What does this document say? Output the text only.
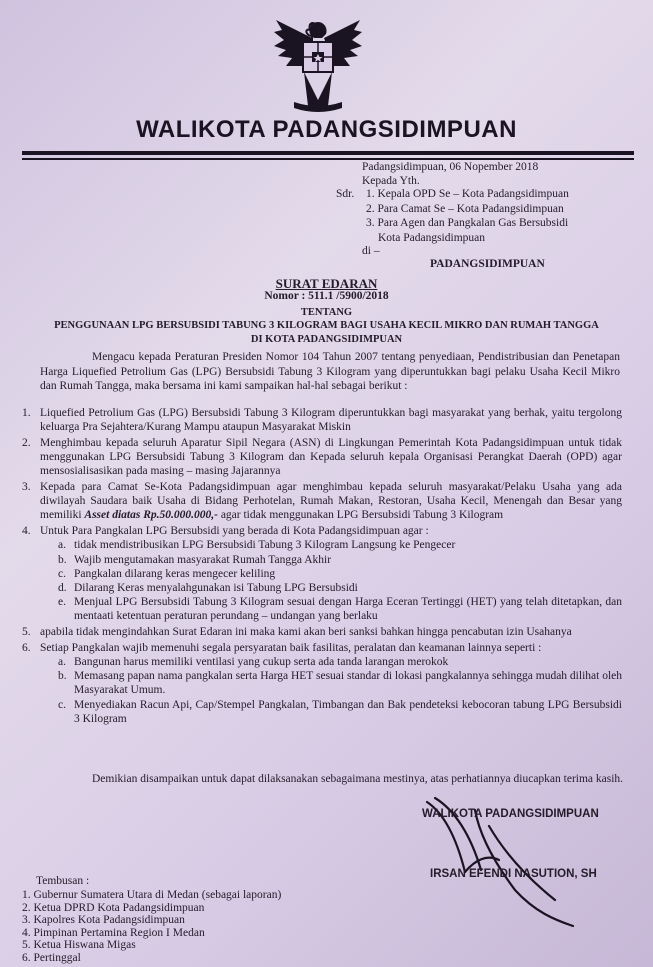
WALIKOTA PADANGSIDIMPUAN
Padangsidimpuan, 06 Nopember 2018
Kepada Yth.
Sdr. 1. Kepala OPD Se – Kota Padangsidimpuan
2. Para Camat Se – Kota Padangsidimpuan
3. Para Agen dan Pangkalan Gas Bersubsidi
Kota Padangsidimpuan
di –
PADANGSIDIMPUAN
SURAT EDARAN
Nomor : 511.1 /5900/2018
TENTANG
PENGGUNAAN LPG BERSUBSIDI TABUNG 3 KILOGRAM BAGI USAHA KECIL MIKRO DAN RUMAH TANGGA
DI KOTA PADANGSIDIMPUAN

Mengacu kepada Peraturan Presiden Nomor 104 Tahun 2007 tentang penyediaan, Pendistribusian dan Penetapan Harga Liquefied Petrolium Gas (LPG) Bersubsidi Tabung 3 Kilogram yang diperuntukkan bagi pelaku Usaha Kecil Mikro dan Rumah Tangga, maka bersama ini kami sampaikan hal-hal sebagai berikut :

1. Liquefied Petrolium Gas (LPG) Bersubsidi Tabung 3 Kilogram diperuntukkan bagi masyarakat yang berhak, yaitu tergolong keluarga Pra Sejahtera/Kurang Mampu ataupun Masyarakat Miskin
2. Menghimbau kepada seluruh Aparatur Sipil Negara (ASN) di Lingkungan Pemerintah Kota Padangsidimpuan untuk tidak menggunakan LPG Bersubsidi Tabung 3 Kilogram dan Kepada seluruh kepala Organisasi Perangkat Daerah (OPD) agar mensosialisasikan pada masing – masing Jajarannya
3. Kepada para Camat Se-Kota Padangsidimpuan agar menghimbau kepada seluruh masyarakat/Pelaku Usaha yang ada diwilayah Saudara baik Usaha di Bidang Perhotelan, Rumah Makan, Restoran, Usaha Kecil, Menengah dan Besar yang memiliki Asset diatas Rp.50.000.000,- agar tidak menggunakan LPG Bersubsidi Tabung 3 Kilogram
4. Untuk Para Pangkalan LPG Bersubsidi yang berada di Kota Padangsidimpuan agar :
a. tidak mendistribusikan LPG Bersubsidi Tabung 3 Kilogram Langsung ke Pengecer
b. Wajib mengutamakan masyarakat Rumah Tangga Akhir
c. Pangkalan dilarang keras mengecer keliling
d. Dilarang Keras menyalahgunakan isi Tabung LPG Bersubsidi
e. Menjual LPG Bersubsidi Tabung 3 Kilogram sesuai dengan Harga Eceran Tertinggi (HET) yang telah ditetapkan, dan mentaati ketentuan peraturan perundang – undangan yang berlaku
5. apabila tidak mengindahkan Surat Edaran ini maka kami akan beri sanksi bahkan hingga pencabutan izin Usahanya
6. Setiap Pangkalan wajib memenuhi segala persyaratan baik fasilitas, peralatan dan keamanan lainnya seperti :
a. Bangunan harus memiliki ventilasi yang cukup serta ada tanda larangan merokok
b. Memasang papan nama pangkalan serta Harga HET sesuai standar di lokasi pangkalannya sehingga mudah dilihat oleh Masyarakat Umum.
c. Menyediakan Racun Api, Cap/Stempel Pangkalan, Timbangan dan Bak pendeteksi kebocoran tabung LPG Bersubsidi 3 Kilogram

Demikian disampaikan untuk dapat dilaksanakan sebagaimana mestinya, atas perhatiannya diucapkan terima kasih.

WALIKOTA PADANGSIDIMPUAN
IRSAN EFENDI NASUTION, SH
Tembusan :
1. Gubernur Sumatera Utara di Medan (sebagai laporan)
2. Ketua DPRD Kota Padangsidimpuan
3. Kapolres Kota Padangsidimpuan
4. Pimpinan Pertamina Region I Medan
5. Ketua Hiswana Migas
6. Pertinggal
